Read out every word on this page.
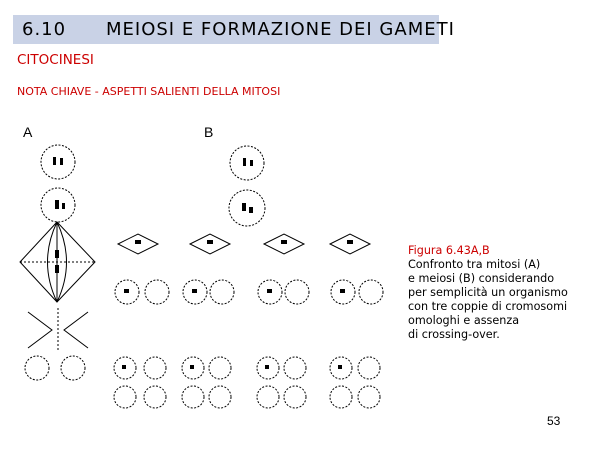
6.10 MEIOSI E FORMAZIONE DEI GAMETI
CITOCINESI
NOTA CHIAVE - ASPETTI SALIENTI DELLA MITOSI
A	B
Figura 6.43A,B
Confronto tra mitosi (A)
e meiosi (B) considerando
per semplicità un organismo
con tre coppie di cromosomi
omologhi e assenza
di crossing-over.
53
